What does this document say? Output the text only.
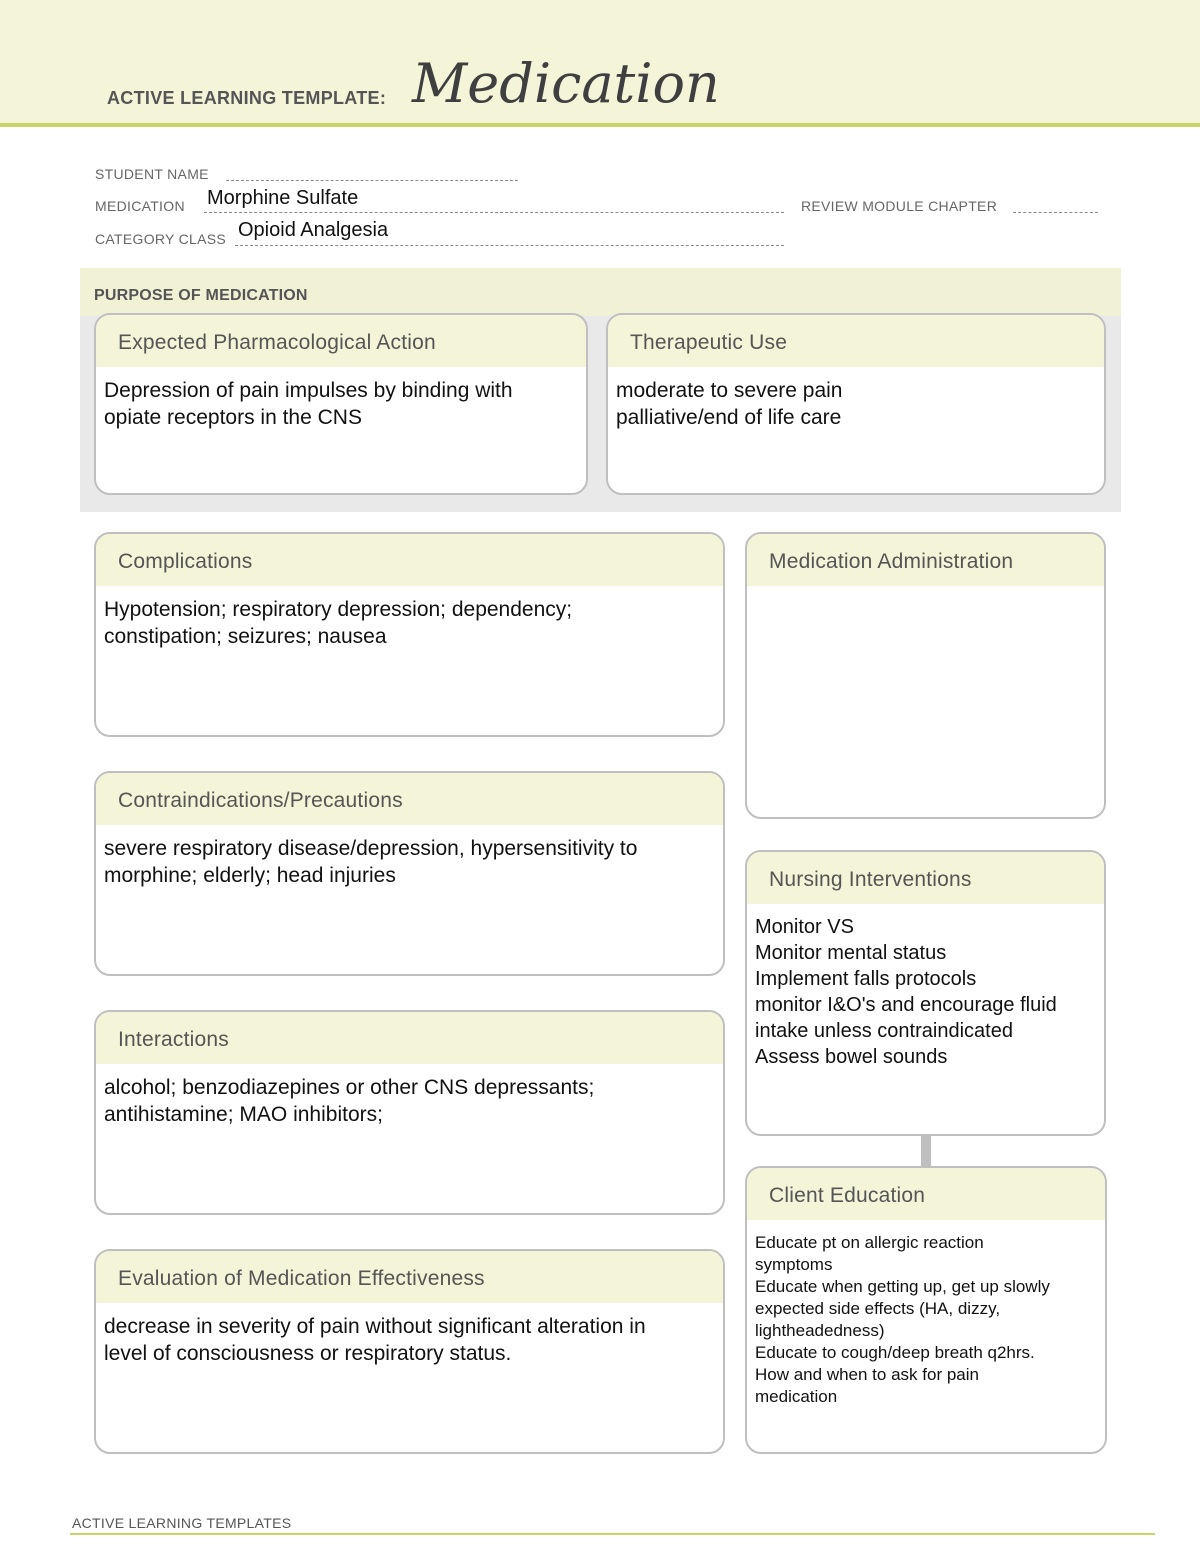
ACTIVE LEARNING TEMPLATE: Medication
STUDENT NAME
MEDICATION Morphine Sulfate	REVIEW MODULE CHAPTER
CATEGORY CLASS Opioid Analgesia
PURPOSE OF MEDICATION
Expected Pharmacological Action
Depression of pain impulses by binding with
opiate receptors in the CNS
Therapeutic Use
moderate to severe pain
palliative/end of life care
Complications
Hypotension; respiratory depression; dependency;
constipation; seizures; nausea
Contraindications/Precautions
severe respiratory disease/depression, hypersensitivity to
morphine; elderly; head injuries
Interactions
alcohol; benzodiazepines or other CNS depressants;
antihistamine; MAO inhibitors;
Evaluation of Medication Effectiveness
decrease in severity of pain without significant alteration in
level of consciousness or respiratory status.
Medication Administration
Nursing Interventions
Monitor VS
Monitor mental status
Implement falls protocols
monitor I&O's and encourage fluid
intake unless contraindicated
Assess bowel sounds
Client Education
Educate pt on allergic reaction
symptoms
Educate when getting up, get up slowly
expected side effects (HA, dizzy,
lightheadedness)
Educate to cough/deep breath q2hrs.
How and when to ask for pain
medication
ACTIVE LEARNING TEMPLATES
